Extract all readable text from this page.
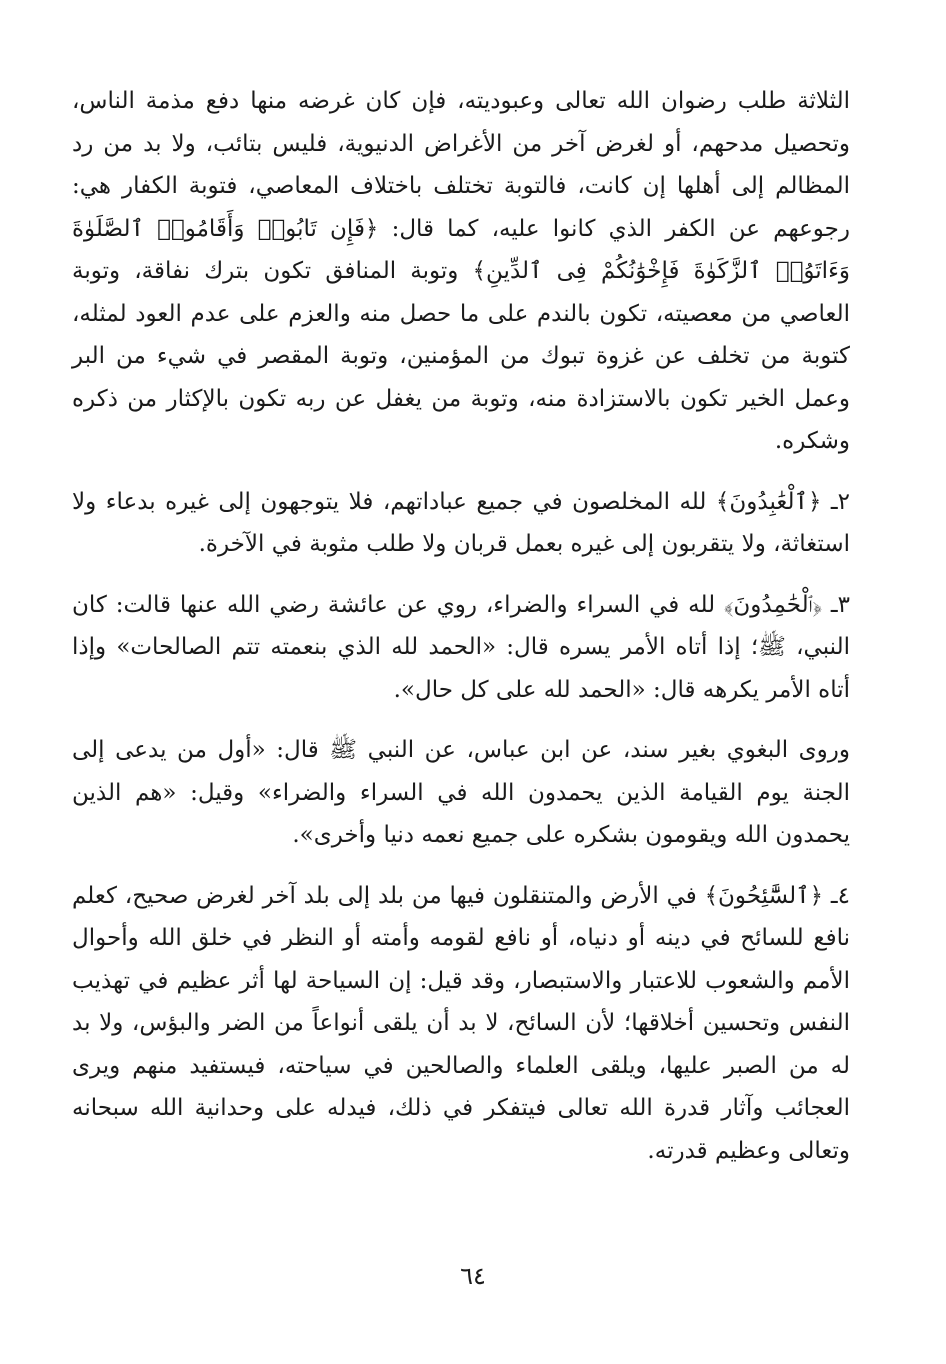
الثلاثة طلب رضوان الله تعالى وعبوديته، فإن كان غرضه منها دفع مذمة الناس، وتحصيل مدحهم، أو لغرض آخر من الأغراض الدنيوية، فليس بتائب، ولا بد من رد المظالم إلى أهلها إن كانت، فالتوبة تختلف باختلاف المعاصي، فتوبة الكفار هي: رجوعهم عن الكفر الذي كانوا عليه، كما قال: ﴿فَإِن تَابُوا۟ وَأَقَامُوا۟ ٱلصَّلَوٰةَ وَءَاتَوُا۟ ٱلزَّكَوٰةَ فَإِخْوَٰنُكُمْ فِى ٱلدِّينِ﴾ وتوبة المنافق تكون بترك نفاقة، وتوبة العاصي من معصيته، تكون بالندم على ما حصل منه والعزم على عدم العود لمثله، كتوبة من تخلف عن غزوة تبوك من المؤمنين، وتوبة المقصر في شيء من البر وعمل الخير تكون بالاستزادة منه، وتوبة من يغفل عن ربه تكون بالإكثار من ذكره وشكره.

٢ـ ﴿ٱلْعَٰبِدُونَ﴾ لله المخلصون في جميع عباداتهم، فلا يتوجهون إلى غيره بدعاء ولا استغاثة، ولا يتقربون إلى غيره بعمل قربان ولا طلب مثوبة في الآخرة.

٣ـ ﴿ٱلْحَٰمِدُونَ﴾ لله في السراء والضراء، روي عن عائشة رضي الله عنها قالت: كان النبي، ﷺ؛ إذا أتاه الأمر يسره قال: «الحمد لله الذي بنعمته تتم الصالحات» وإذا أتاه الأمر يكرهه قال: «الحمد لله على كل حال».

وروى البغوي بغير سند، عن ابن عباس، عن النبي ﷺ قال: «أول من يدعى إلى الجنة يوم القيامة الذين يحمدون الله في السراء والضراء» وقيل: «هم الذين يحمدون الله ويقومون بشكره على جميع نعمه دنيا وأخرى».

٤ـ ﴿ٱلسَّٰٓئِحُونَ﴾ في الأرض والمتنقلون فيها من بلد إلى بلد آخر لغرض صحيح، كعلم نافع للسائح في دينه أو دنياه، أو نافع لقومه وأمته أو النظر في خلق الله وأحوال الأمم والشعوب للاعتبار والاستبصار، وقد قيل: إن السياحة لها أثر عظيم في تهذيب النفس وتحسين أخلاقها؛ لأن السائح، لا بد أن يلقى أنواعاً من الضر والبؤس، ولا بد له من الصبر عليها، ويلقى العلماء والصالحين في سياحته، فيستفيد منهم ويرى العجائب وآثار قدرة الله تعالى فيتفكر في ذلك، فيدله على وحدانية الله سبحانه وتعالى وعظيم قدرته.

٦٤
